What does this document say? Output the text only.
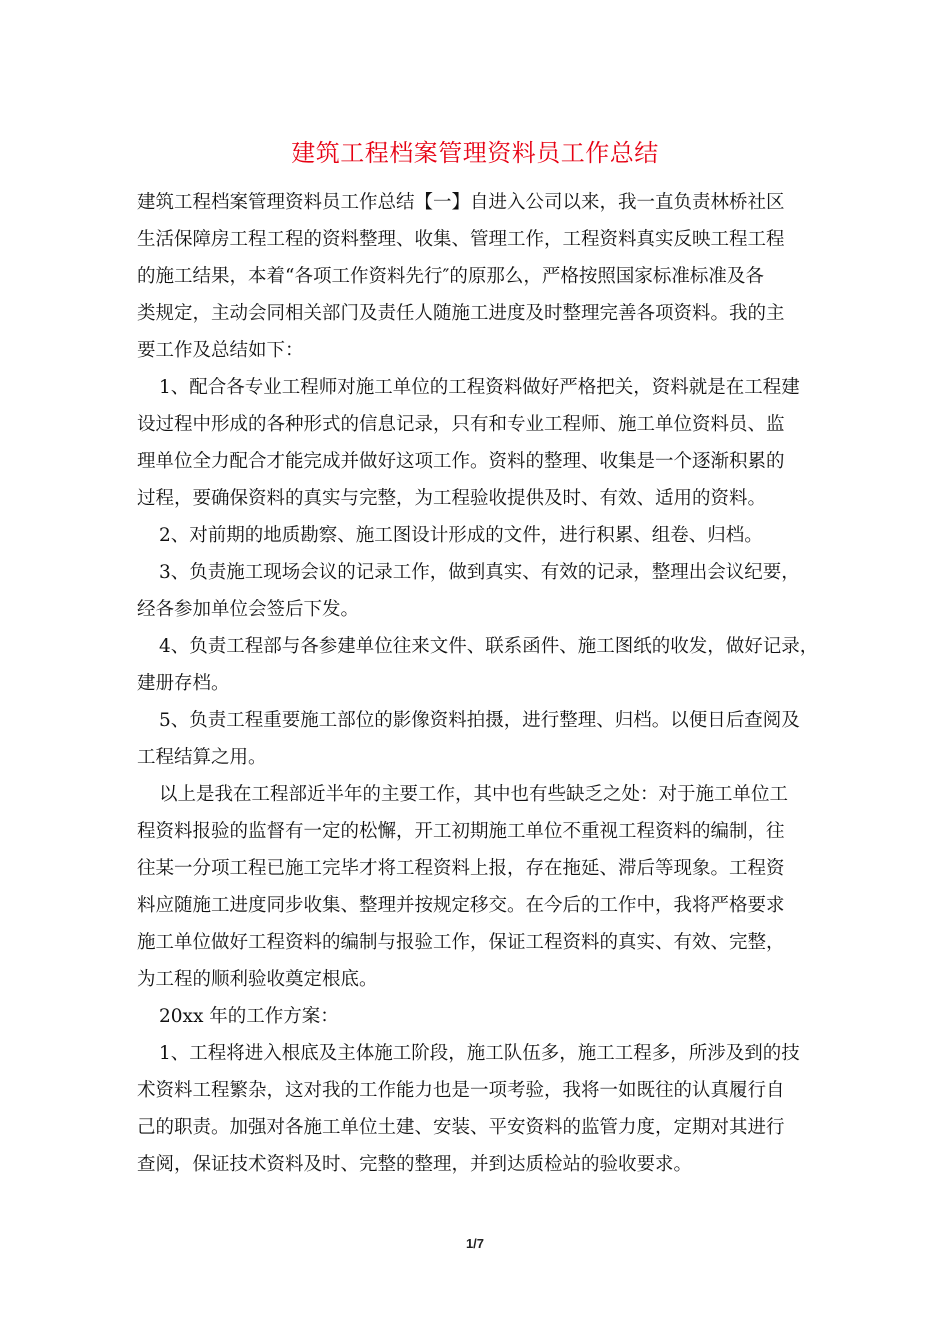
建筑工程档案管理资料员工作总结
建筑工程档案管理资料员工作总结【一】自进入公司以来，我一直负责林桥社区
生活保障房工程工程的资料整理、收集、管理工作，工程资料真实反映工程工程
的施工结果，本着“各项工作资料先行″的原那么，严格按照国家标准标准及各
类规定，主动会同相关部门及责任人随施工进度及时整理完善各项资料。我的主
要工作及总结如下：
1、配合各专业工程师对施工单位的工程资料做好严格把关，资料就是在工程建
设过程中形成的各种形式的信息记录，只有和专业工程师、施工单位资料员、监
理单位全力配合才能完成并做好这项工作。资料的整理、收集是一个逐渐积累的
过程，要确保资料的真实与完整，为工程验收提供及时、有效、适用的资料。
2、对前期的地质勘察、施工图设计形成的文件，进行积累、组卷、归档。
3、负责施工现场会议的记录工作，做到真实、有效的记录，整理出会议纪要，
经各参加单位会签后下发。
4、负责工程部与各参建单位往来文件、联系函件、施工图纸的收发，做好记录，
建册存档。
5、负责工程重要施工部位的影像资料拍摄，进行整理、归档。以便日后查阅及
工程结算之用。
以上是我在工程部近半年的主要工作，其中也有些缺乏之处：对于施工单位工
程资料报验的监督有一定的松懈，开工初期施工单位不重视工程资料的编制，往
往某一分项工程已施工完毕才将工程资料上报，存在拖延、滞后等现象。工程资
料应随施工进度同步收集、整理并按规定移交。在今后的工作中，我将严格要求
施工单位做好工程资料的编制与报验工作，保证工程资料的真实、有效、完整，
为工程的顺利验收奠定根底。
20xx 年的工作方案：
1、工程将进入根底及主体施工阶段，施工队伍多，施工工程多，所涉及到的技
术资料工程繁杂，这对我的工作能力也是一项考验，我将一如既往的认真履行自
己的职责。加强对各施工单位土建、安装、平安资料的监管力度，定期对其进行
查阅，保证技术资料及时、完整的整理，并到达质检站的验收要求。
1/7
